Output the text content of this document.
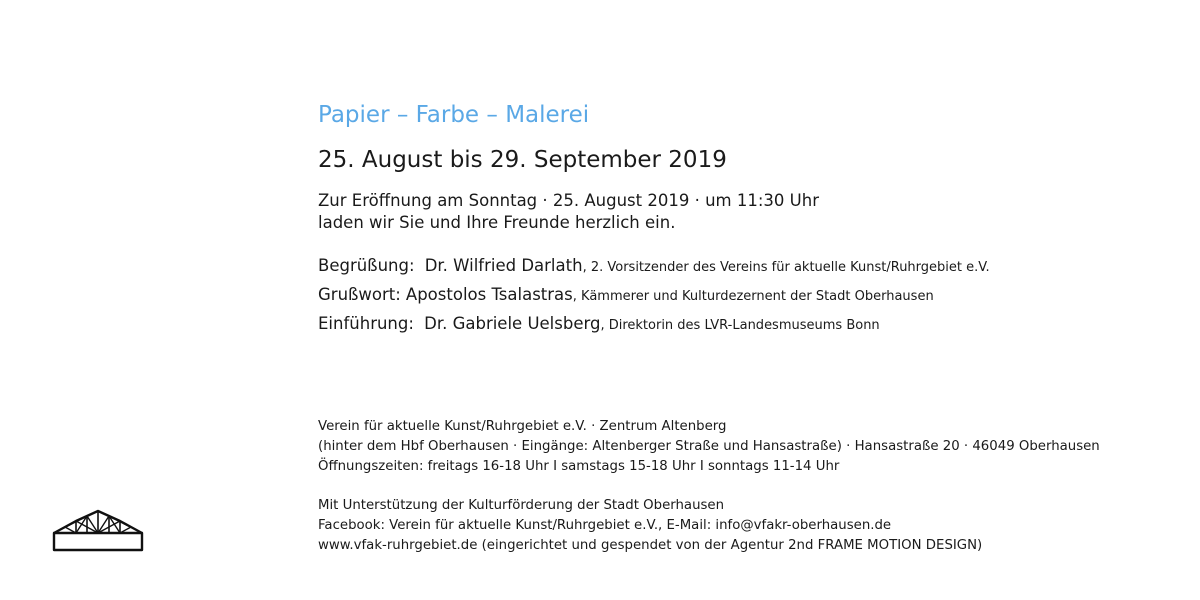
Papier – Farbe – Malerei
25. August bis 29. September 2019
Zur Eröffnung am Sonntag · 25. August 2019 · um 11:30 Uhr
laden wir Sie und Ihre Freunde herzlich ein.
Begrüßung: Dr. Wilfried Darlath, 2. Vorsitzender des Vereins für aktuelle Kunst/Ruhrgebiet e.V.
Grußwort: Apostolos Tsalastras, Kämmerer und Kulturdezernent der Stadt Oberhausen
Einführung: Dr. Gabriele Uelsberg, Direktorin des LVR-Landesmuseums Bonn
Verein für aktuelle Kunst/Ruhrgebiet e.V. · Zentrum Altenberg
(hinter dem Hbf Oberhausen · Eingänge: Altenberger Straße und Hansastraße) · Hansastraße 20 · 46049 Oberhausen
Öffnungszeiten: freitags 16-18 Uhr I samstags 15-18 Uhr I sonntags 11-14 Uhr
Mit Unterstützung der Kulturförderung der Stadt Oberhausen
Facebook: Verein für aktuelle Kunst/Ruhrgebiet e.V., E-Mail: info@vfakr-oberhausen.de
www.vfak-ruhrgebiet.de (eingerichtet und gespendet von der Agentur 2nd FRAME MOTION DESIGN)
